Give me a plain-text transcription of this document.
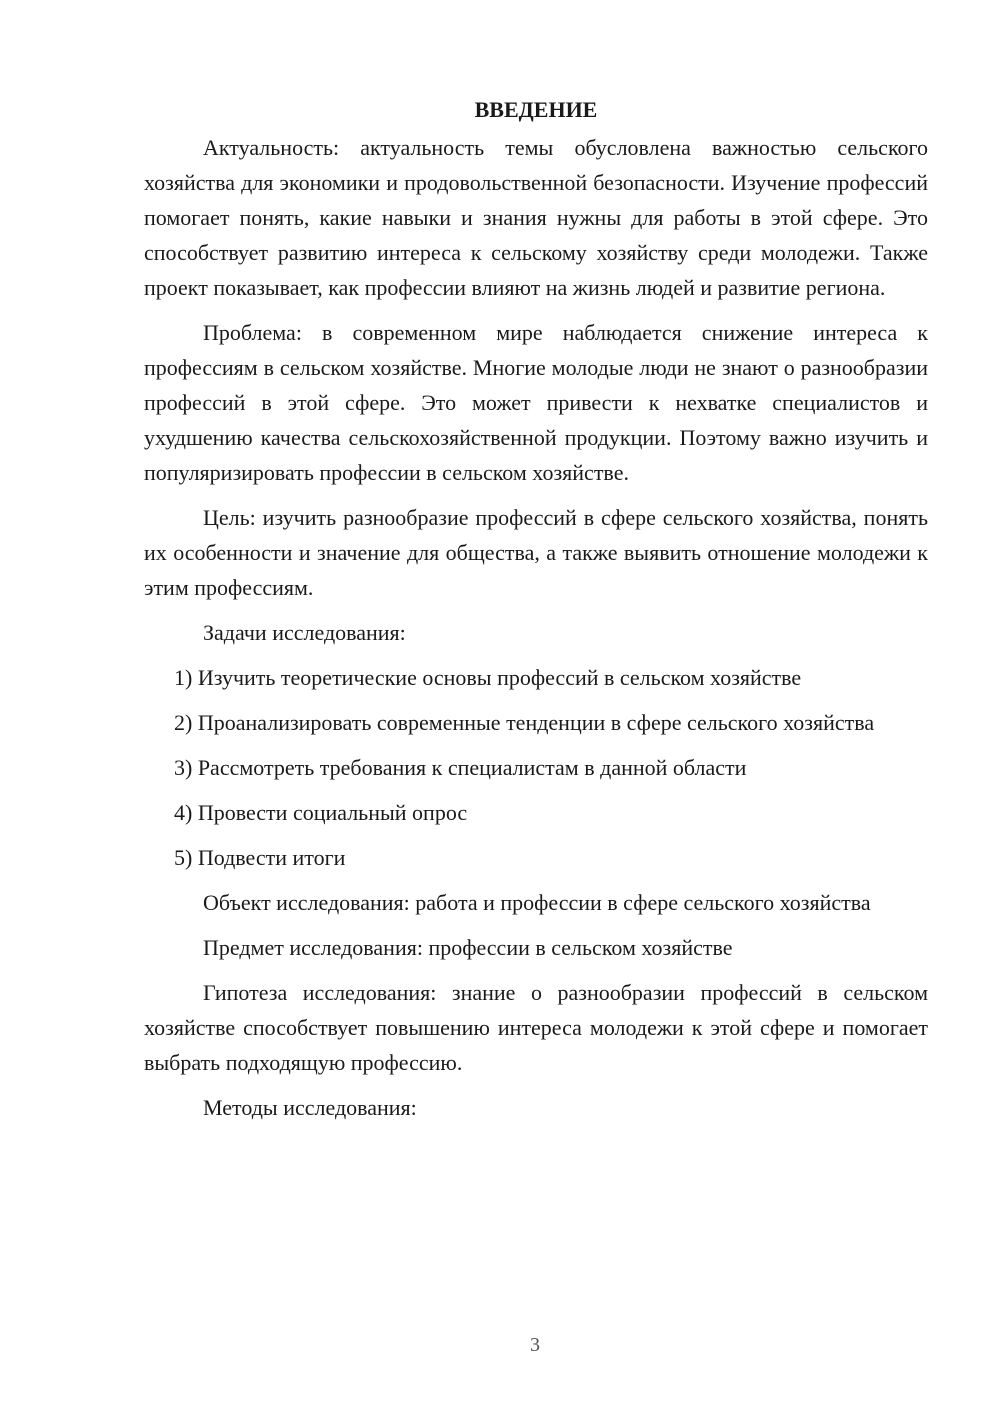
ВВЕДЕНИЕ

Актуальность: актуальность темы обусловлена важностью сельского хозяйства для экономики и продовольственной безопасности. Изучение профессий помогает понять, какие навыки и знания нужны для работы в этой сфере. Это способствует развитию интереса к сельскому хозяйству среди молодежи. Также проект показывает, как профессии влияют на жизнь людей и развитие региона.

Проблема: в современном мире наблюдается снижение интереса к профессиям в сельском хозяйстве. Многие молодые люди не знают о разнообразии профессий в этой сфере. Это может привести к нехватке специалистов и ухудшению качества сельскохозяйственной продукции. Поэтому важно изучить и популяризировать профессии в сельском хозяйстве.

Цель: изучить разнообразие профессий в сфере сельского хозяйства, понять их особенности и значение для общества, а также выявить отношение молодежи к этим профессиям.

Задачи исследования:

1) Изучить теоретические основы профессий в сельском хозяйстве

2) Проанализировать современные тенденции в сфере сельского хозяйства

3) Рассмотреть требования к специалистам в данной области

4) Провести социальный опрос

5) Подвести итоги

Объект исследования: работа и профессии в сфере сельского хозяйства

Предмет исследования: профессии в сельском хозяйстве

Гипотеза исследования: знание о разнообразии профессий в сельском хозяйстве способствует повышению интереса молодежи к этой сфере и помогает выбрать подходящую профессию.

Методы исследования:

3
